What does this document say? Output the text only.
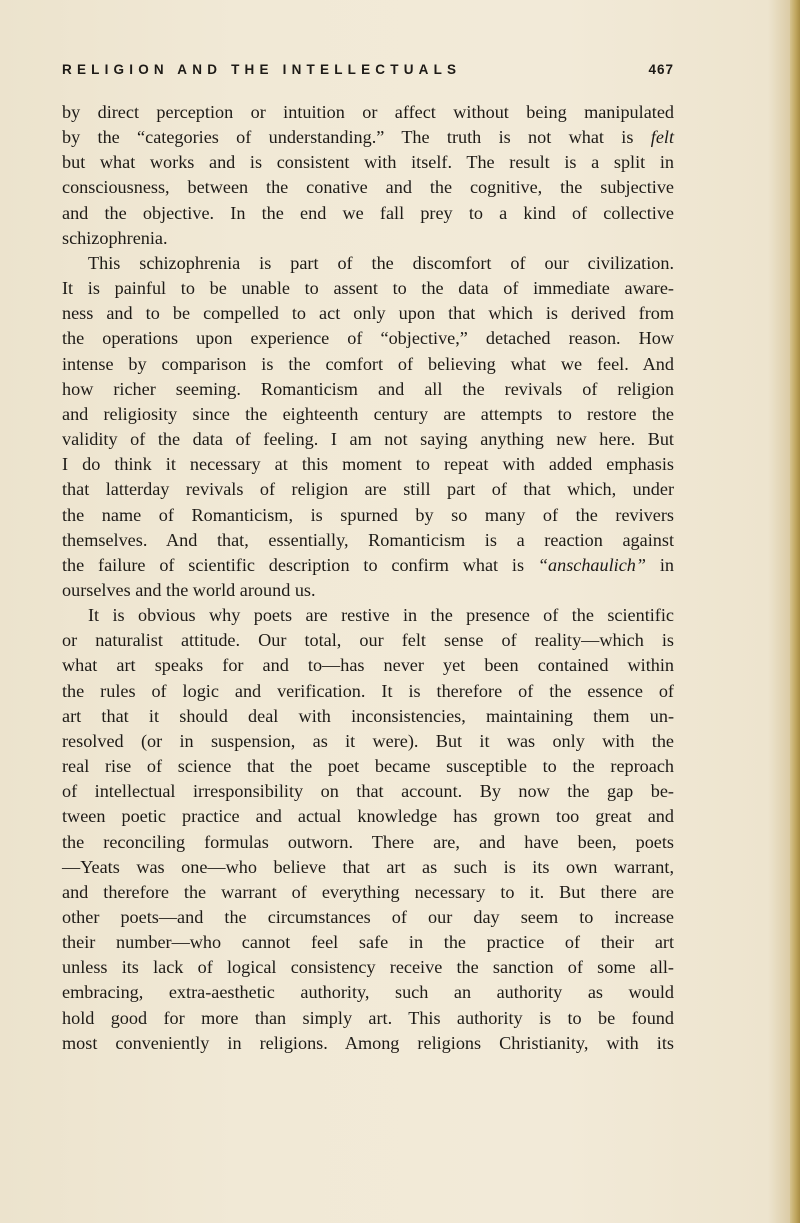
RELIGION AND THE INTELLECTUALS	467

by direct perception or intuition or affect without being manipulated
by the “categories of understanding.” The truth is not what is felt
but what works and is consistent with itself. The result is a split in
consciousness, between the conative and the cognitive, the subjective
and the objective. In the end we fall prey to a kind of collective
schizophrenia.

This schizophrenia is part of the discomfort of our civilization.
It is painful to be unable to assent to the data of immediate aware-
ness and to be compelled to act only upon that which is derived from
the operations upon experience of “objective,” detached reason. How
intense by comparison is the comfort of believing what we feel. And
how richer seeming. Romanticism and all the revivals of religion
and religiosity since the eighteenth century are attempts to restore the
validity of the data of feeling. I am not saying anything new here. But
I do think it necessary at this moment to repeat with added emphasis
that latterday revivals of religion are still part of that which, under
the name of Romanticism, is spurned by so many of the revivers
themselves. And that, essentially, Romanticism is a reaction against
the failure of scientific description to confirm what is “anschaulich” in
ourselves and the world around us.

It is obvious why poets are restive in the presence of the scientific
or naturalist attitude. Our total, our felt sense of reality—which is
what art speaks for and to—has never yet been contained within
the rules of logic and verification. It is therefore of the essence of
art that it should deal with inconsistencies, maintaining them un-
resolved (or in suspension, as it were). But it was only with the
real rise of science that the poet became susceptible to the reproach
of intellectual irresponsibility on that account. By now the gap be-
tween poetic practice and actual knowledge has grown too great and
the reconciling formulas outworn. There are, and have been, poets
—Yeats was one—who believe that art as such is its own warrant,
and therefore the warrant of everything necessary to it. But there are
other poets—and the circumstances of our day seem to increase
their number—who cannot feel safe in the practice of their art
unless its lack of logical consistency receive the sanction of some all-
embracing, extra-aesthetic authority, such an authority as would
hold good for more than simply art. This authority is to be found
most conveniently in religions. Among religions Christianity, with its
